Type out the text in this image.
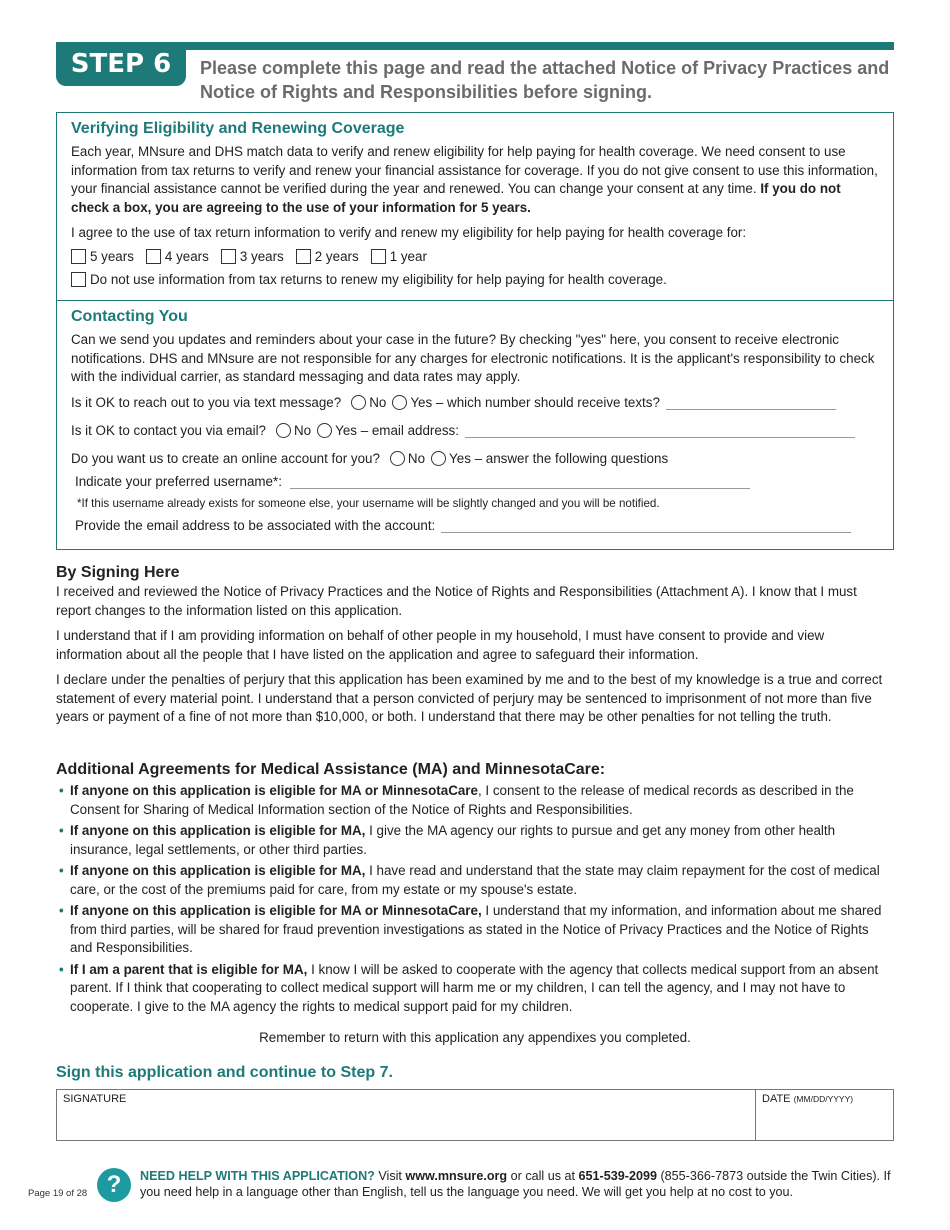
STEP 6	Please complete this page and read the attached Notice of Privacy Practices and Notice of Rights and Responsibilities before signing.
Verifying Eligibility and Renewing Coverage

Each year, MNsure and DHS match data to verify and renew eligibility for help paying for health coverage. We need consent to use information from tax returns to verify and renew your financial assistance for coverage. If you do not give consent to use this information, your financial assistance cannot be verified during the year and renewed. You can change your consent at any time. If you do not check a box, you are agreeing to the use of your information for 5 years.

I agree to the use of tax return information to verify and renew my eligibility for help paying for health coverage for:

5 years 4 years 3 years 2 years 1 year
Do not use information from tax returns to renew my eligibility for help paying for health coverage.
Contacting You

Can we send you updates and reminders about your case in the future? By checking "yes" here, you consent to receive electronic notifications. DHS and MNsure are not responsible for any charges for electronic notifications. It is the applicant's responsibility to check with the individual carrier, as standard messaging and data rates may apply.

Is it OK to reach out to you via text message? No Yes – which number should receive texts?
Is it OK to contact you via email? No Yes – email address:
Do you want us to create an online account for you? No Yes – answer the following questions
Indicate your preferred username*:
*If this username already exists for someone else, your username will be slightly changed and you will be notified.
Provide the email address to be associated with the account:
By Signing Here

I received and reviewed the Notice of Privacy Practices and the Notice of Rights and Responsibilities (Attachment A). I know that I must report changes to the information listed on this application.

I understand that if I am providing information on behalf of other people in my household, I must have consent to provide and view information about all the people that I have listed on the application and agree to safeguard their information.

I declare under the penalties of perjury that this application has been examined by me and to the best of my knowledge is a true and correct statement of every material point. I understand that a person convicted of perjury may be sentenced to imprisonment of not more than five years or payment of a fine of not more than $10,000, or both. I understand that there may be other penalties for not telling the truth.

Additional Agreements for Medical Assistance (MA) and MinnesotaCare:
• If anyone on this application is eligible for MA or MinnesotaCare, I consent to the release of medical records as described in the Consent for Sharing of Medical Information section of the Notice of Rights and Responsibilities.
• If anyone on this application is eligible for MA, I give the MA agency our rights to pursue and get any money from other health insurance, legal settlements, or other third parties.
• If anyone on this application is eligible for MA, I have read and understand that the state may claim repayment for the cost of medical care, or the cost of the premiums paid for care, from my estate or my spouse's estate.
• If anyone on this application is eligible for MA or MinnesotaCare, I understand that my information, and information about me shared from third parties, will be shared for fraud prevention investigations as stated in the Notice of Privacy Practices and the Notice of Rights and Responsibilities.
• If I am a parent that is eligible for MA, I know I will be asked to cooperate with the agency that collects medical support from an absent parent. If I think that cooperating to collect medical support will harm me or my children, I can tell the agency, and I may not have to cooperate. I give to the MA agency the rights to medical support paid for my children.
Remember to return with this application any appendixes you completed.
Sign this application and continue to Step 7.
SIGNATURE	DATE (MM/DD/YYYY)
Page 19 of 28 ?	NEED HELP WITH THIS APPLICATION? Visit www.mnsure.org or call us at 651-539-2099 (855-366-7873 outside the Twin Cities). If you need help in a language other than English, tell us the language you need. We will get you help at no cost to you.
